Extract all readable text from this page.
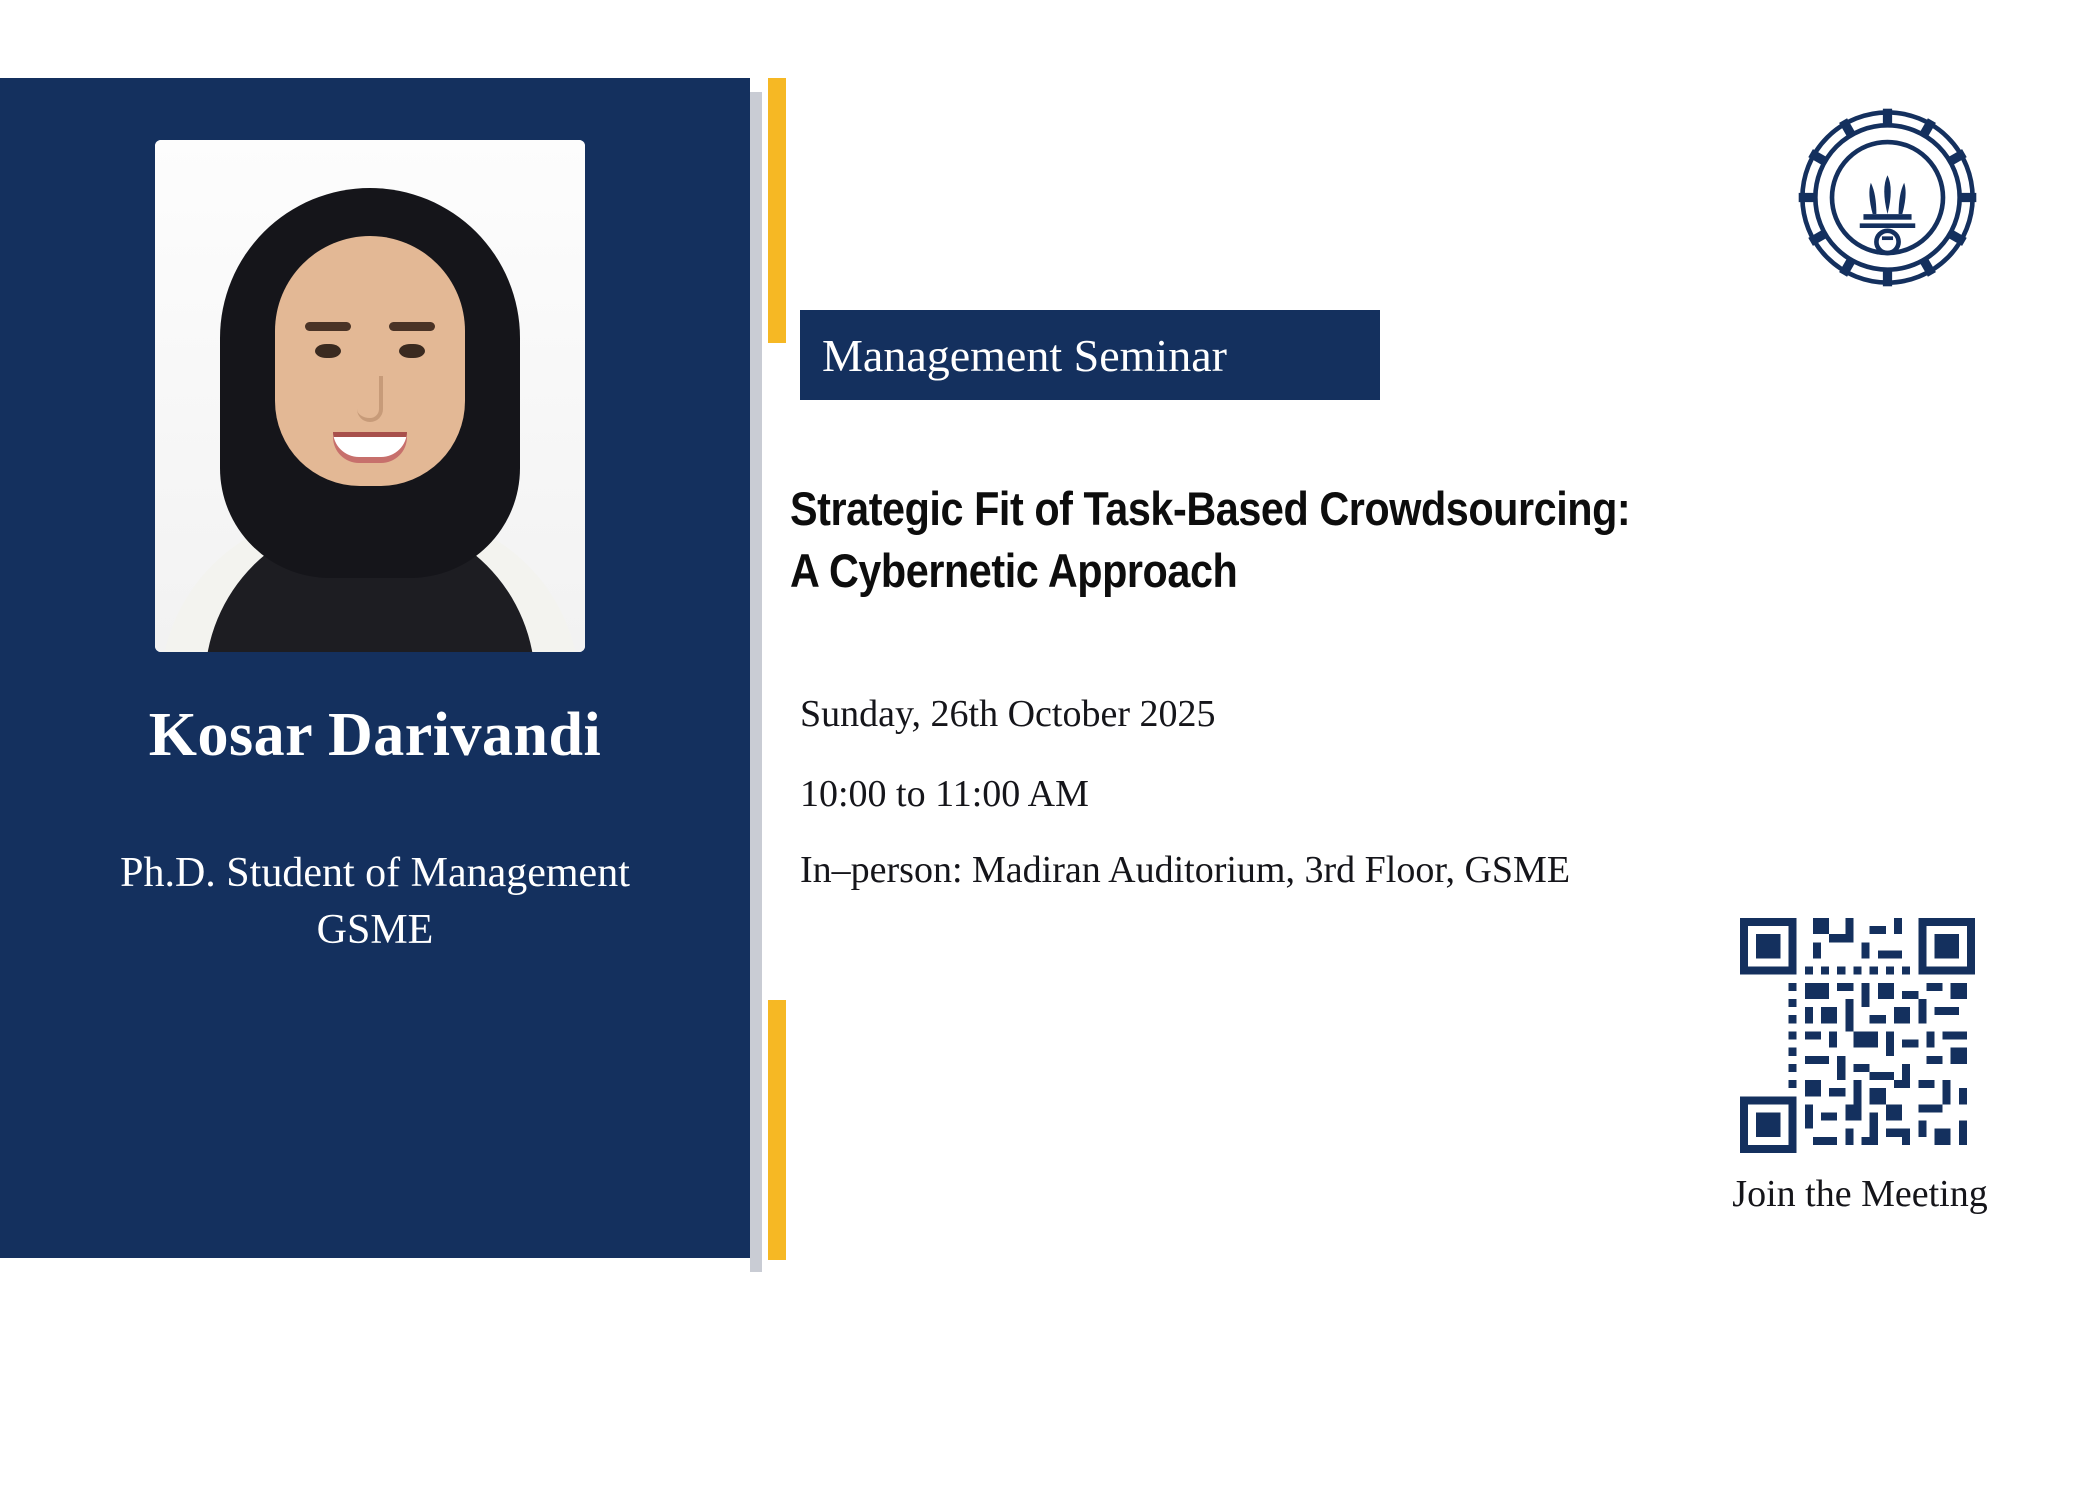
Kosar Darivandi
Ph.D. Student of Management
GSME
Management Seminar
Strategic Fit of Task-Based Crowdsourcing:
A Cybernetic Approach
Sunday, 26th October 2025
10:00 to 11:00 AM
In–person: Madiran Auditorium, 3rd Floor, GSME
Join the Meeting
